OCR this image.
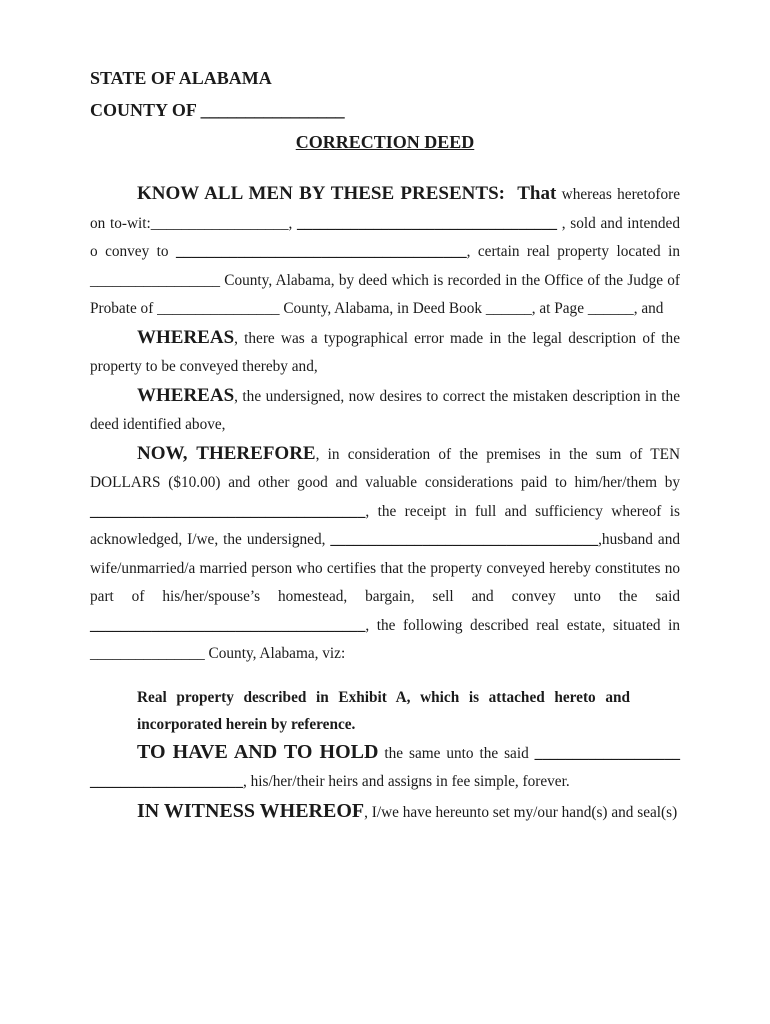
STATE OF ALABAMA

COUNTY OF ________________

CORRECTION DEED

KNOW ALL MEN BY THESE PRESENTS:  That whereas heretofore on to-wit:__________________, __________________________________ , sold and intended o convey to ______________________________________, certain real property located in _________________ County, Alabama, by deed which is recorded in the Office of the Judge of Probate of ________________ County, Alabama, in Deed Book ______, at Page ______, and

WHEREAS, there was a typographical error made in the legal description of the property to be conveyed thereby and,

WHEREAS, the undersigned, now desires to correct the mistaken description in the deed identified above,

NOW, THEREFORE, in consideration of the premises in the sum of TEN DOLLARS ($10.00) and other good and valuable considerations paid to him/her/them by ____________________________________, the receipt in full and sufficiency whereof is acknowledged, I/we, the undersigned, ___________________________________,husband and wife/unmarried/a married person who certifies that the property conveyed hereby constitutes no part of his/her/spouse’s homestead, bargain, sell and convey unto the said ____________________________________, the following described real estate, situated in _______________ County, Alabama, viz:

Real property described in Exhibit A, which is attached hereto and incorporated herein by reference.

TO HAVE AND TO HOLD the same unto the said ___________________ ____________________, his/her/their heirs and assigns in fee simple, forever.

IN WITNESS WHEREOF, I/we have hereunto set my/our hand(s) and seal(s)
